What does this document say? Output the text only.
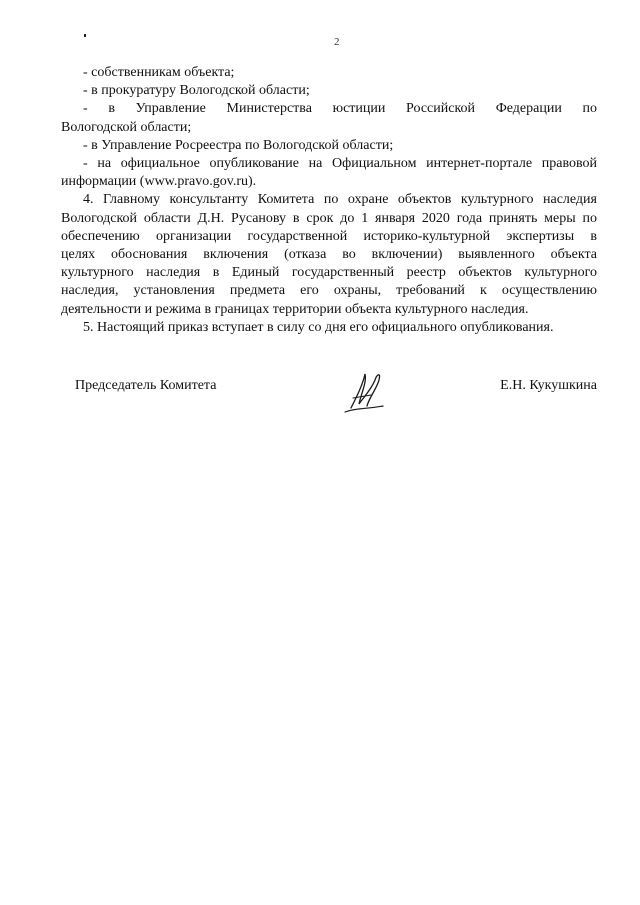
2
- собственникам объекта;
- в прокуратуру Вологодской области;
- в Управление Министерства юстиции Российской Федерации по
Вологодской области;
- в Управление Росреестра по Вологодской области;
- на официальное опубликование на Официальном интернет-портале правовой
информации (www.pravo.gov.ru).
4. Главному консультанту Комитета по охране объектов культурного наследия
Вологодской области Д.Н. Русанову в срок до 1 января 2020 года принять меры по
обеспечению организации государственной историко-культурной экспертизы в
целях обоснования включения (отказа во включении) выявленного объекта
культурного наследия в Единый государственный реестр объектов культурного
наследия, установления предмета его охраны, требований к осуществлению
деятельности и режима в границах территории объекта культурного наследия.
5. Настоящий приказ вступает в силу со дня его официального опубликования.
Председатель Комитета	Е.Н. Кукушкина
